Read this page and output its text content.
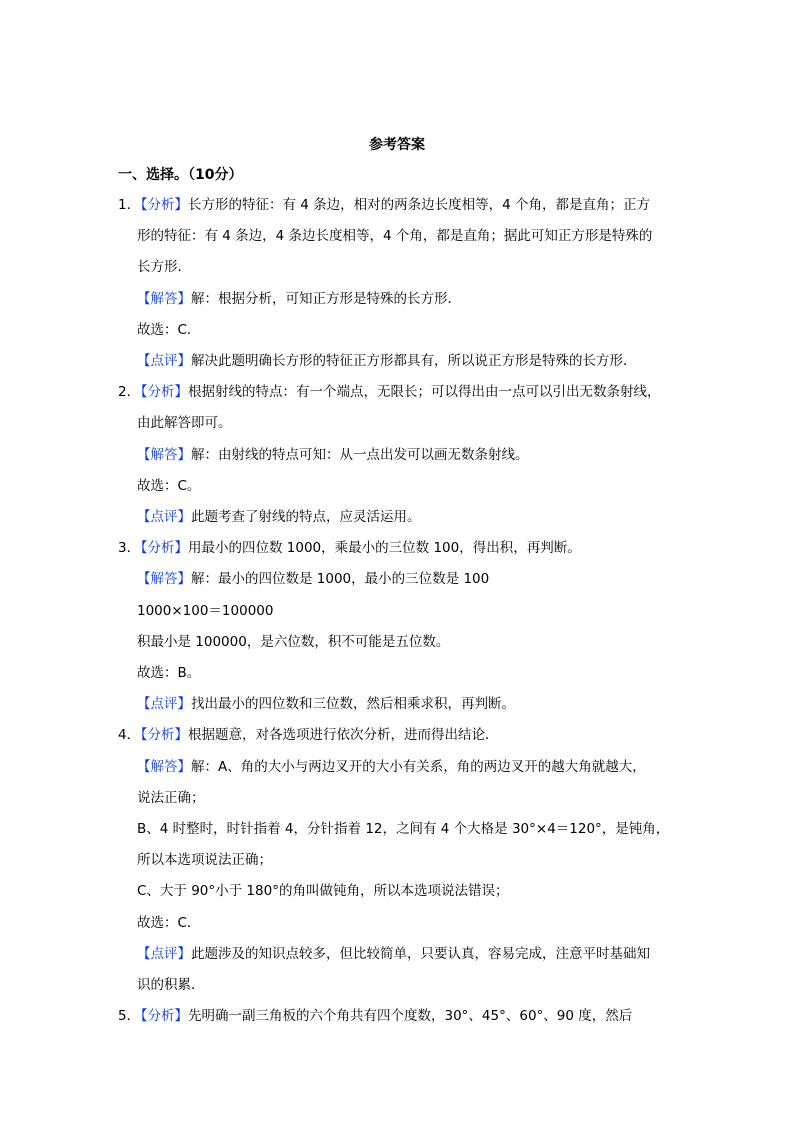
参考答案
一、选择。（10分）
1．【分析】长方形的特征：有 4 条边，相对的两条边长度相等，4 个角，都是直角；正方
形的特征：有 4 条边，4 条边长度相等，4 个角，都是直角；据此可知正方形是特殊的
长方形．
【解答】解：根据分析，可知正方形是特殊的长方形．
故选：C．
【点评】解决此题明确长方形的特征正方形都具有，所以说正方形是特殊的长方形．
2．【分析】根据射线的特点：有一个端点，无限长；可以得出由一点可以引出无数条射线，
由此解答即可。
【解答】解：由射线的特点可知：从一点出发可以画无数条射线。
故选：C。
【点评】此题考查了射线的特点，应灵活运用。
3．【分析】用最小的四位数 1000，乘最小的三位数 100，得出积，再判断。
【解答】解：最小的四位数是 1000，最小的三位数是 100
1000×100＝100000
积最小是 100000，是六位数，积不可能是五位数。
故选：B。
【点评】找出最小的四位数和三位数，然后相乘求积，再判断。
4．【分析】根据题意，对各选项进行依次分析，进而得出结论．
【解答】解：A、角的大小与两边叉开的大小有关系，角的两边叉开的越大角就越大，
说法正确；
B、4 时整时，时针指着 4，分针指着 12，之间有 4 个大格是 30°×4＝120°，是钝角，
所以本选项说法正确；
C、大于 90°小于 180°的角叫做钝角，所以本选项说法错误；
故选：C．
【点评】此题涉及的知识点较多，但比较简单，只要认真，容易完成，注意平时基础知
识的积累．
5．【分析】先明确一副三角板的六个角共有四个度数，30°、45°、60°、90 度，然后
